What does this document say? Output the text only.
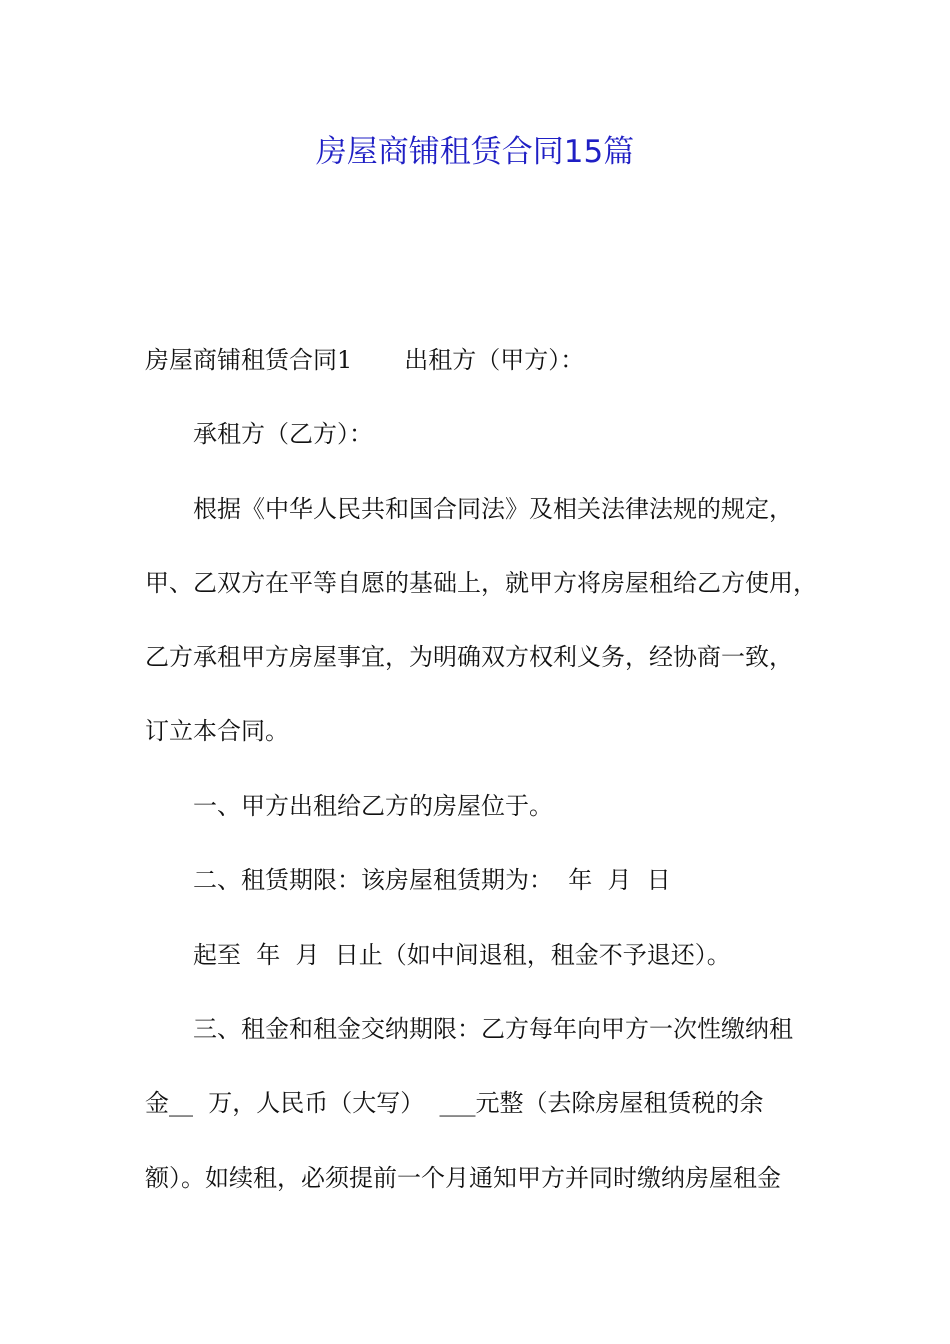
房屋商铺租赁合同15篇
房屋商铺租赁合同1 出租方（甲方）：
承租方（乙方）：
根据《中华人民共和国合同法》及相关法律法规的规定，
甲、乙双方在平等自愿的基础上，就甲方将房屋租给乙方使用，
乙方承租甲方房屋事宜，为明确双方权利义务，经协商一致，
订立本合同。
一、甲方出租给乙方的房屋位于。
二、租赁期限：该房屋租赁期为：  年  月  日
起至  年  月  日止（如中间退租，租金不予退还）。
三、租金和租金交纳期限：乙方每年向甲方一次性缴纳租
金__  万，人民币（大写）  ___元整（去除房屋租赁税的余
额）。如续租，必须提前一个月通知甲方并同时缴纳房屋租金
